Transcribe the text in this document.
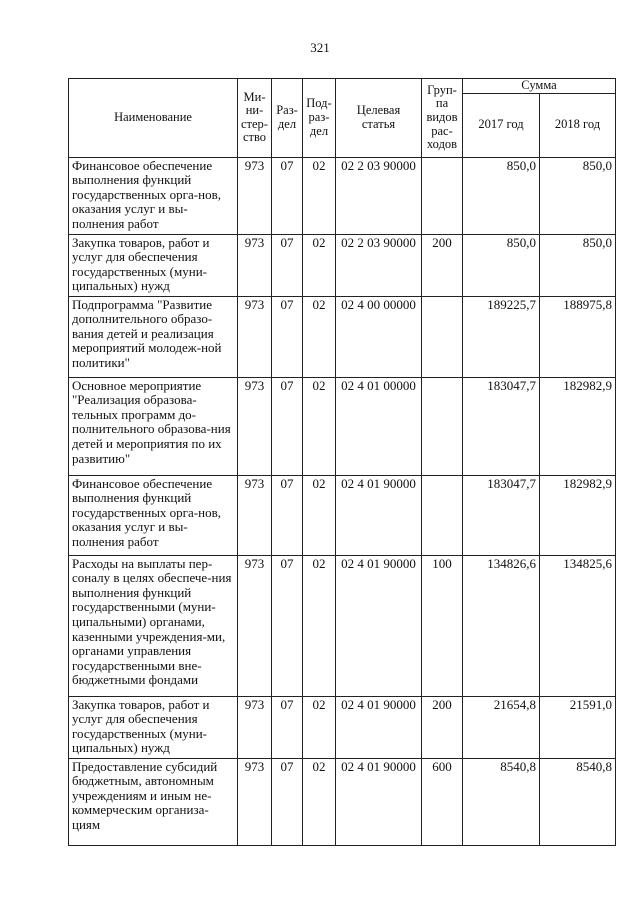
321
Наименование	Ми-
ни-
стер-
ство	Раз-
дел	Под-
раз-
дел	Целевая
статья	Груп-
па
видов
рас-
ходов	Сумма	
						2017 год	2018 год
Финансовое обеспечение выполнения функций государственных орга-нов, оказания услуг и вы-полнения работ	973	07	02	02 2 03 90000		850,0	850,0
Закупка товаров, работ и услуг для обеспечения государственных (муни-ципальных) нужд	973	07	02	02 2 03 90000	200	850,0	850,0
Подпрограмма "Развитие дополнительного образо-вания детей и реализация мероприятий молодеж-ной политики"	973	07	02	02 4 00 00000		189225,7	188975,8
Основное мероприятие "Реализация образова-тельных программ до-полнительного образова-ния детей и мероприятия по их развитию"	973	07	02	02 4 01 00000		183047,7	182982,9
Финансовое обеспечение выполнения функций государственных орга-нов, оказания услуг и вы-полнения работ	973	07	02	02 4 01 90000		183047,7	182982,9
Расходы на выплаты пер-соналу в целях обеспече-ния выполнения функций государственными (муни-ципальными) органами, казенными учреждения-ми, органами управления государственными вне-бюджетными фондами	973	07	02	02 4 01 90000	100	134826,6	134825,6
Закупка товаров, работ и услуг для обеспечения государственных (муни-ципальных) нужд	973	07	02	02 4 01 90000	200	21654,8	21591,0
Предоставление субсидий бюджетным, автономным учреждениям и иным не-коммерческим организа-циям	973	07	02	02 4 01 90000	600	8540,8	8540,8
